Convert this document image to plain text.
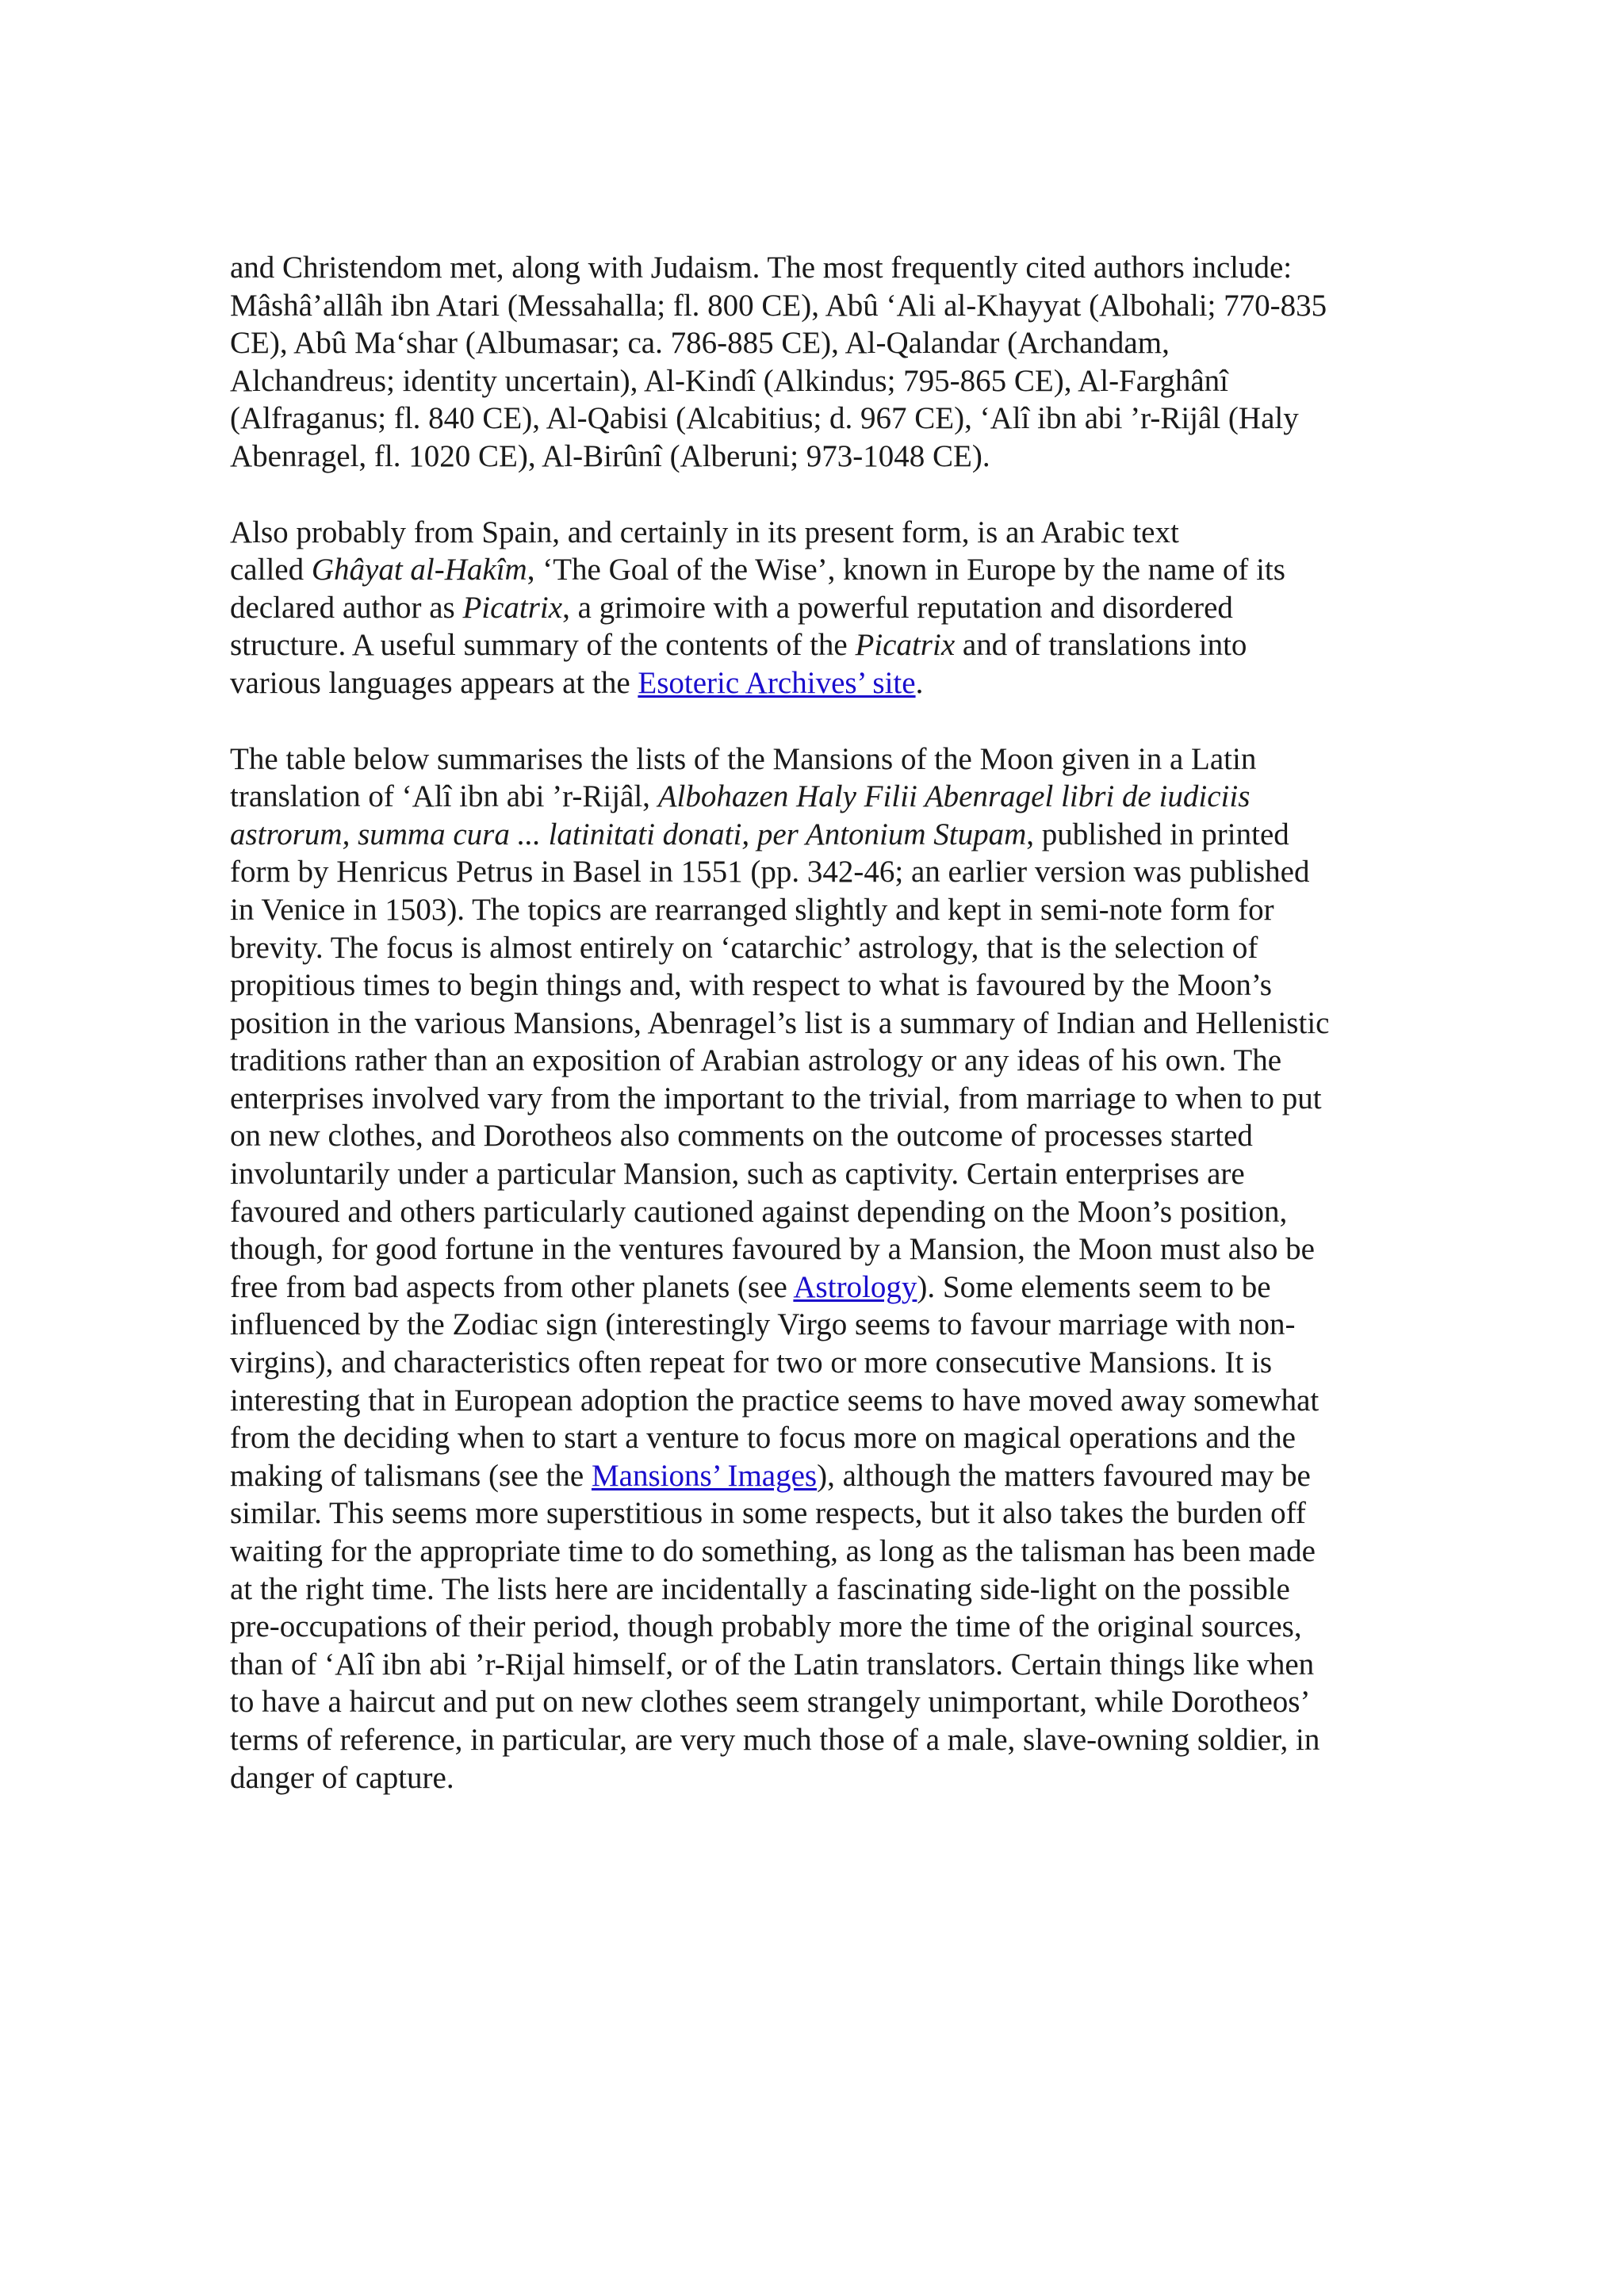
and Christendom met, along with Judaism. The most frequently cited authors include:
Mâshâ’allâh ibn Atari (Messahalla; fl. 800 CE), Abû ‘Ali al-Khayyat (Albohali; 770-835
CE), Abû Ma‘shar (Albumasar; ca. 786-885 CE), Al-Qalandar (Archandam,
Alchandreus; identity uncertain), Al-Kindî (Alkindus; 795-865 CE), Al-Farghânî
(Alfraganus; fl. 840 CE), Al-Qabisi (Alcabitius; d. 967 CE), ‘Alî ibn abi ’r-Rijâl (Haly
Abenragel, fl. 1020 CE), Al-Birûnî (Alberuni; 973-1048 CE).

Also probably from Spain, and certainly in its present form, is an Arabic text
called Ghâyat al-Hakîm, ‘The Goal of the Wise’, known in Europe by the name of its
declared author as Picatrix, a grimoire with a powerful reputation and disordered
structure. A useful summary of the contents of the Picatrix and of translations into
various languages appears at the Esoteric Archives’ site.

The table below summarises the lists of the Mansions of the Moon given in a Latin
translation of ‘Alî ibn abi ’r-Rijâl, Albohazen Haly Filii Abenragel libri de iudiciis
astrorum, summa cura ... latinitati donati, per Antonium Stupam, published in printed
form by Henricus Petrus in Basel in 1551 (pp. 342-46; an earlier version was published
in Venice in 1503). The topics are rearranged slightly and kept in semi-note form for
brevity. The focus is almost entirely on ‘catarchic’ astrology, that is the selection of
propitious times to begin things and, with respect to what is favoured by the Moon’s
position in the various Mansions, Abenragel’s list is a summary of Indian and Hellenistic
traditions rather than an exposition of Arabian astrology or any ideas of his own. The
enterprises involved vary from the important to the trivial, from marriage to when to put
on new clothes, and Dorotheos also comments on the outcome of processes started
involuntarily under a particular Mansion, such as captivity. Certain enterprises are
favoured and others particularly cautioned against depending on the Moon’s position,
though, for good fortune in the ventures favoured by a Mansion, the Moon must also be
free from bad aspects from other planets (see Astrology). Some elements seem to be
influenced by the Zodiac sign (interestingly Virgo seems to favour marriage with non-
virgins), and characteristics often repeat for two or more consecutive Mansions. It is
interesting that in European adoption the practice seems to have moved away somewhat
from the deciding when to start a venture to focus more on magical operations and the
making of talismans (see the Mansions’ Images), although the matters favoured may be
similar. This seems more superstitious in some respects, but it also takes the burden off
waiting for the appropriate time to do something, as long as the talisman has been made
at the right time. The lists here are incidentally a fascinating side-light on the possible
pre-occupations of their period, though probably more the time of the original sources,
than of ‘Alî ibn abi ’r-Rijal himself, or of the Latin translators. Certain things like when
to have a haircut and put on new clothes seem strangely unimportant, while Dorotheos’
terms of reference, in particular, are very much those of a male, slave-owning soldier, in
danger of capture.
